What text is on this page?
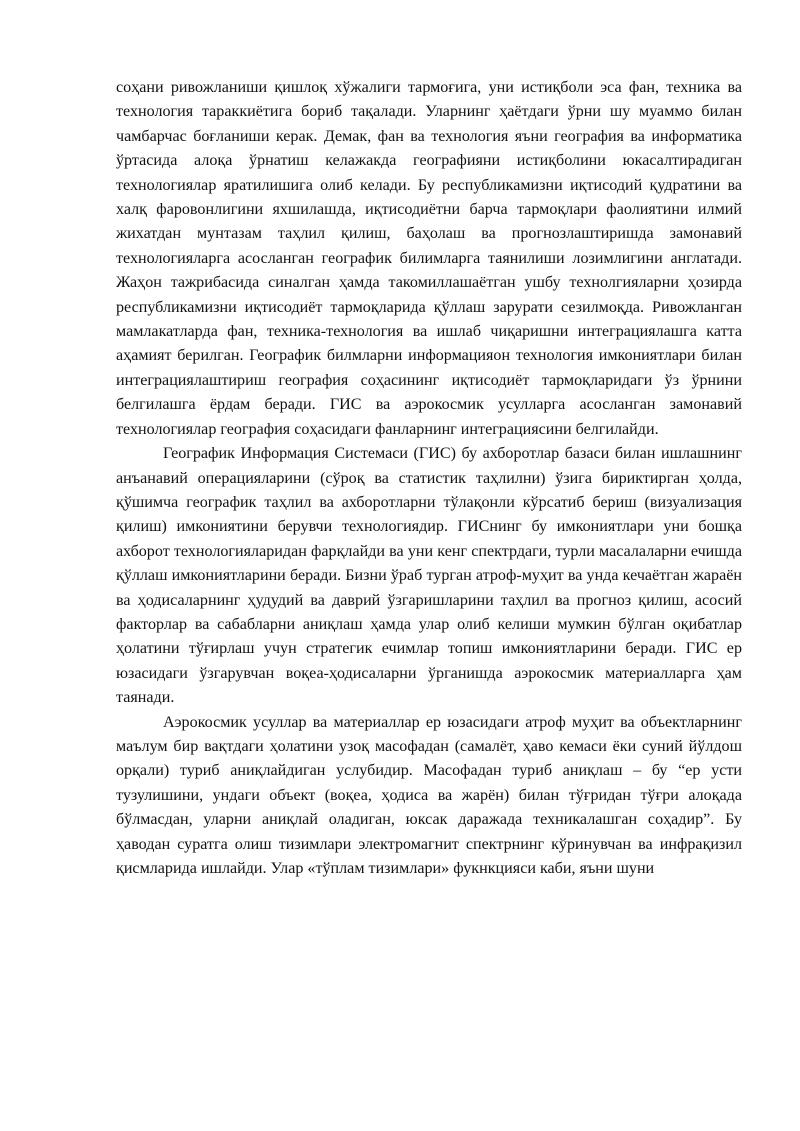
соҳани ривожланиши қишлоқ хўжалиги тармоғига, уни истиқболи эса фан, техника ва технология тараккиётига бориб тақалади. Уларнинг ҳаётдаги ўрни шу муаммо билан чамбарчас боғланиши керак. Демак, фан ва технология яъни география ва информатика ўртасида алоқа ўрнатиш келажакда географияни истиқболини юкасалтирадиган технологиялар яратилишига олиб келади. Бу республикамизни иқтисодий қудратини ва халқ фаровонлигини яхшилашда, иқтисодиётни барча тармоқлари фаолиятини илмий жихатдан мунтазам таҳлил қилиш, баҳолаш ва прогнозлаштиришда замонавий технологияларга асосланган географик билимларга таянилиши лозимлигини англатади. Жаҳон тажрибасида синалган ҳамда такомиллашаётган ушбу технолгияларни ҳозирда республикамизни иқтисодиёт тармоқларида қўллаш зарурати сезилмоқда. Ривожланган мамлакатларда фан, техника-технология ва ишлаб чиқаришни интеграциялашга катта аҳамият берилган. Географик билмларни информацияон технология имкониятлари билан интеграциялаштириш география соҳасининг иқтисодиёт тармоқларидаги ўз ўрнини белгилашга ёрдам беради. ГИС ва аэрокосмик усулларга асосланган замонавий технологиялар география соҳасидаги фанларнинг интеграциясини белгилайди.

Географик Информация Системаси (ГИС) бу ахборотлар базаси билан ишлашнинг анъанавий операцияларини (сўроқ ва статистик таҳлилни) ўзига бириктирган ҳолда, қўшимча географик таҳлил ва ахборотларни тўлақонли кўрсатиб бериш (визуализация қилиш) имкониятини берувчи технологиядир. ГИСнинг бу имкониятлари уни бошқа ахборот технологияларидан фарқлайди ва уни кенг спектрдаги, турли масалаларни ечишда қўллаш имкониятларини беради. Бизни ўраб турган атроф-муҳит ва унда кечаётган жараён ва ҳодисаларнинг ҳудудий ва даврий ўзгаришларини таҳлил ва прогноз қилиш, асосий факторлар ва сабабларни аниқлаш ҳамда улар олиб келиши мумкин бўлган оқибатлар ҳолатини тўғирлаш учун стратегик ечимлар топиш имкониятларини беради. ГИС ер юзасидаги ўзгарувчан воқеа-ҳодисаларни ўрганишда аэрокосмик материалларга ҳам таянади.

Аэрокосмик усуллар ва материаллар ер юзасидаги атроф муҳит ва объектларнинг маълум бир вақтдаги ҳолатини узоқ масофадан (самалёт, ҳаво кемаси ёки суний йўлдош орқали) туриб аниқлайдиган услубидир. Масофадан туриб аниқлаш – бу “ер усти тузулишини, ундаги объект (воқеа, ҳодиса ва жарён) билан тўғридан тўғри алоқада бўлмасдан, уларни аниқлай оладиган, юксак даражада техникалашган соҳадир”. Бу ҳаводан суратга олиш тизимлари электромагнит спектрнинг кўринувчан ва инфрақизил қисмларида ишлайди. Улар «тўплам тизимлари» фукнкцияси каби, яъни шуни
